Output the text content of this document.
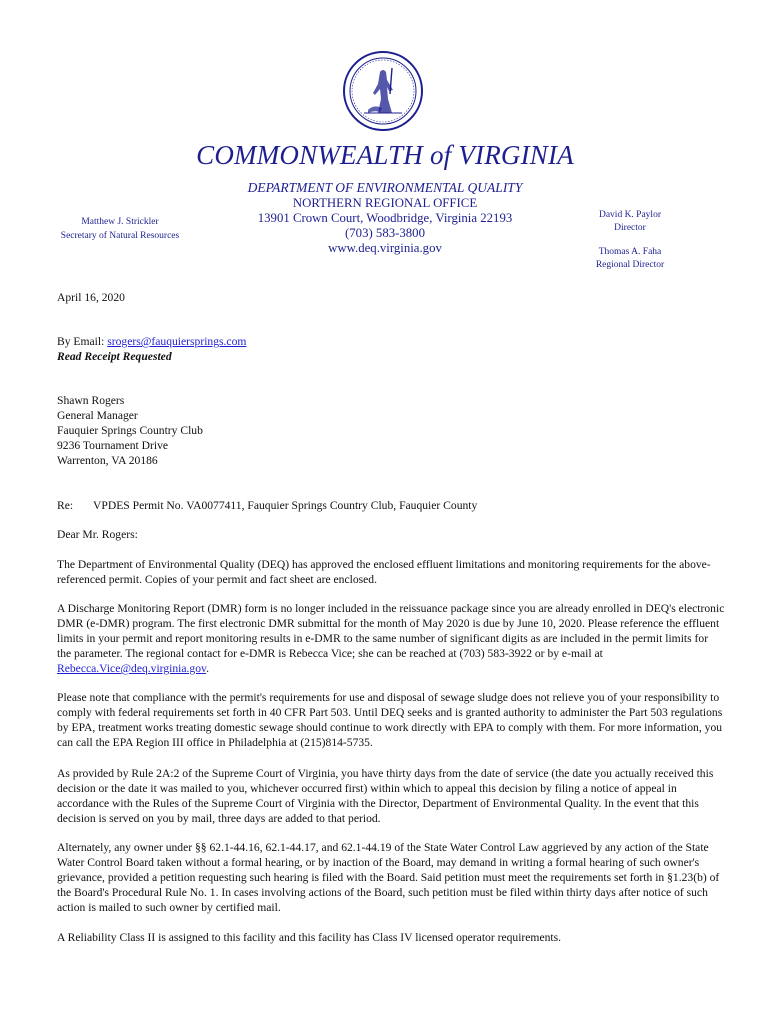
COMMONWEALTH of VIRGINIA
DEPARTMENT OF ENVIRONMENTAL QUALITY
NORTHERN REGIONAL OFFICE
13901 Crown Court, Woodbridge, Virginia 22193
(703) 583-3800
www.deq.virginia.gov
Matthew J. Strickler
Secretary of Natural Resources
David K. Paylor
Director
Thomas A. Faha
Regional Director

April 16, 2020

By Email: srogers@fauquiersprings.com

Read Receipt Requested

Shawn Rogers

General Manager

Fauquier Springs Country Club

9236 Tournament Drive

Warrenton, VA 20186

Re: VPDES Permit No. VA0077411, Fauquier Springs Country Club, Fauquier County

Dear Mr. Rogers:

The Department of Environmental Quality (DEQ) has approved the enclosed effluent limitations and monitoring requirements for the above-referenced permit. Copies of your permit and fact sheet are enclosed.

A Discharge Monitoring Report (DMR) form is no longer included in the reissuance package since you are already enrolled in DEQ's electronic DMR (e-DMR) program. The first electronic DMR submittal for the month of May 2020 is due by June 10, 2020. Please reference the effluent limits in your permit and report monitoring results in e-DMR to the same number of significant digits as are included in the permit limits for the parameter. The regional contact for e-DMR is Rebecca Vice; she can be reached at (703) 583-3922 or by e-mail at Rebecca.Vice@deq.virginia.gov.

Please note that compliance with the permit's requirements for use and disposal of sewage sludge does not relieve you of your responsibility to comply with federal requirements set forth in 40 CFR Part 503. Until DEQ seeks and is granted authority to administer the Part 503 regulations by EPA, treatment works treating domestic sewage should continue to work directly with EPA to comply with them. For more information, you can call the EPA Region III office in Philadelphia at (215)814-5735.

As provided by Rule 2A:2 of the Supreme Court of Virginia, you have thirty days from the date of service (the date you actually received this decision or the date it was mailed to you, whichever occurred first) within which to appeal this decision by filing a notice of appeal in accordance with the Rules of the Supreme Court of Virginia with the Director, Department of Environmental Quality. In the event that this decision is served on you by mail, three days are added to that period.

Alternately, any owner under §§ 62.1-44.16, 62.1-44.17, and 62.1-44.19 of the State Water Control Law aggrieved by any action of the State Water Control Board taken without a formal hearing, or by inaction of the Board, may demand in writing a formal hearing of such owner's grievance, provided a petition requesting such hearing is filed with the Board. Said petition must meet the requirements set forth in §1.23(b) of the Board's Procedural Rule No. 1. In cases involving actions of the Board, such petition must be filed within thirty days after notice of such action is mailed to such owner by certified mail.

A Reliability Class II is assigned to this facility and this facility has Class IV licensed operator requirements.
